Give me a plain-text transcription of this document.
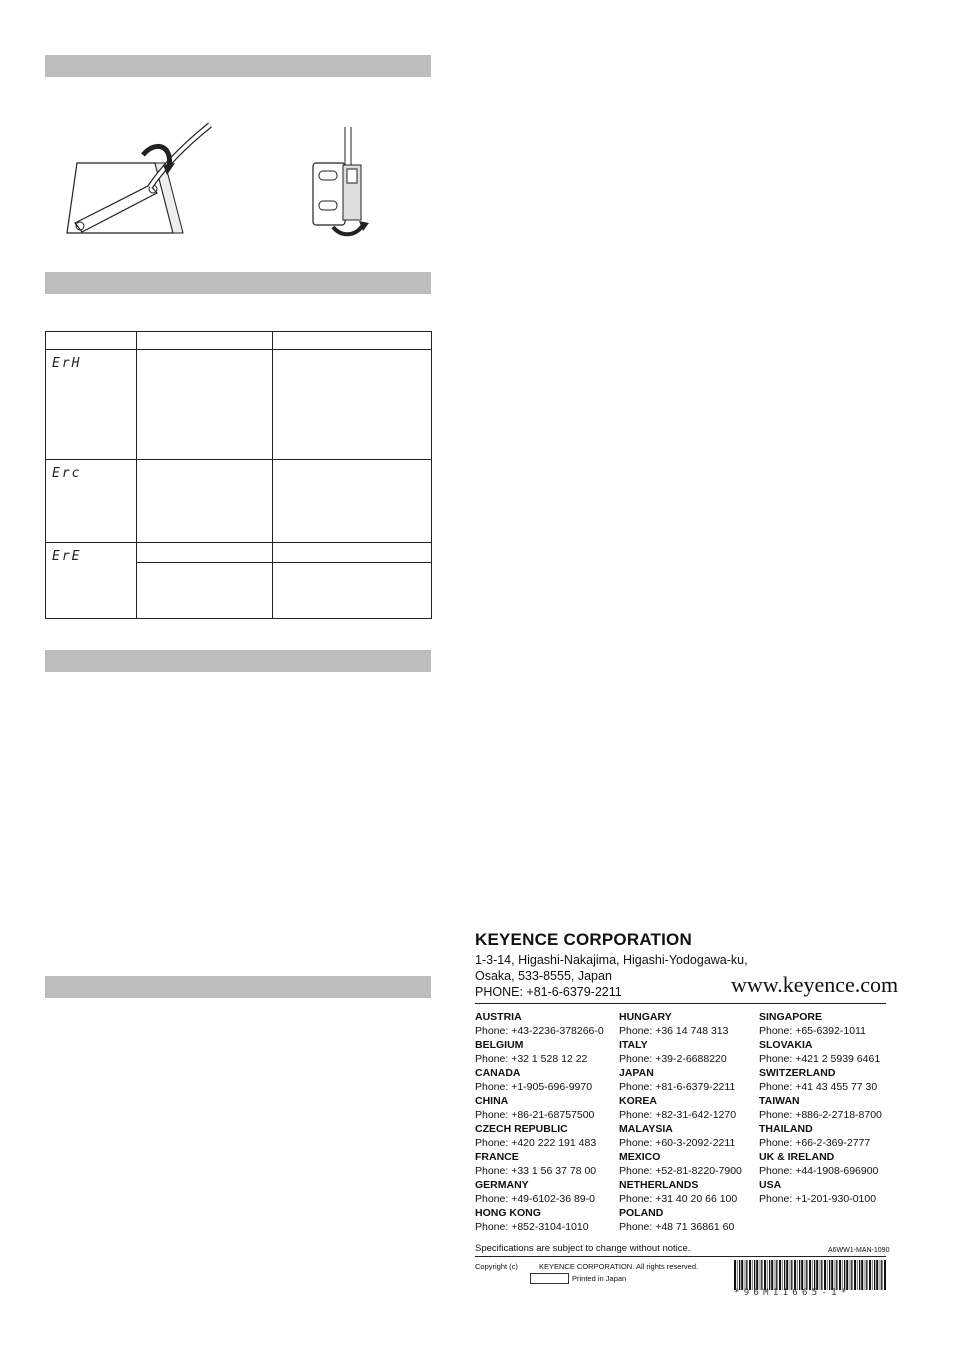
ErH		
Erc		
ErE		

KEYENCE CORPORATION
1-3-14, Higashi-Nakajima, Higashi-Yodogawa-ku,
Osaka, 533-8555, Japan
PHONE: +81-6-6379-2211	www.keyence.com
AUSTRIA
Phone: +43-2236-378266-0
BELGIUM
Phone: +32 1 528 12 22
CANADA
Phone: +1-905-696-9970
CHINA
Phone: +86-21-68757500
CZECH REPUBLIC
Phone: +420 222 191 483
FRANCE
Phone: +33 1 56 37 78 00
GERMANY
Phone: +49-6102-36 89-0
HONG KONG
Phone: +852-3104-1010
HUNGARY
Phone: +36 14 748 313
ITALY
Phone: +39-2-6688220
JAPAN
Phone: +81-6-6379-2211
KOREA
Phone: +82-31-642-1270
MALAYSIA
Phone: +60-3-2092-2211
MEXICO
Phone: +52-81-8220-7900
NETHERLANDS
Phone: +31 40 20 66 100
POLAND
Phone: +48 71 36861 60
SINGAPORE
Phone: +65-6392-1011
SLOVAKIA
Phone: +421 2 5939 6461
SWITZERLAND
Phone: +41 43 455 77 30
TAIWAN
Phone: +886-2-2718-8700
THAILAND
Phone: +66-2-369-2777
UK & IRELAND
Phone: +44-1908-696900
USA
Phone: +1-201-930-0100
Specifications are subject to change without notice.	A6WW1-MAN-1090
Copyright (c)	KEYENCE CORPORATION. All rights reserved.
Printed in Japan
*96M11665-1*
